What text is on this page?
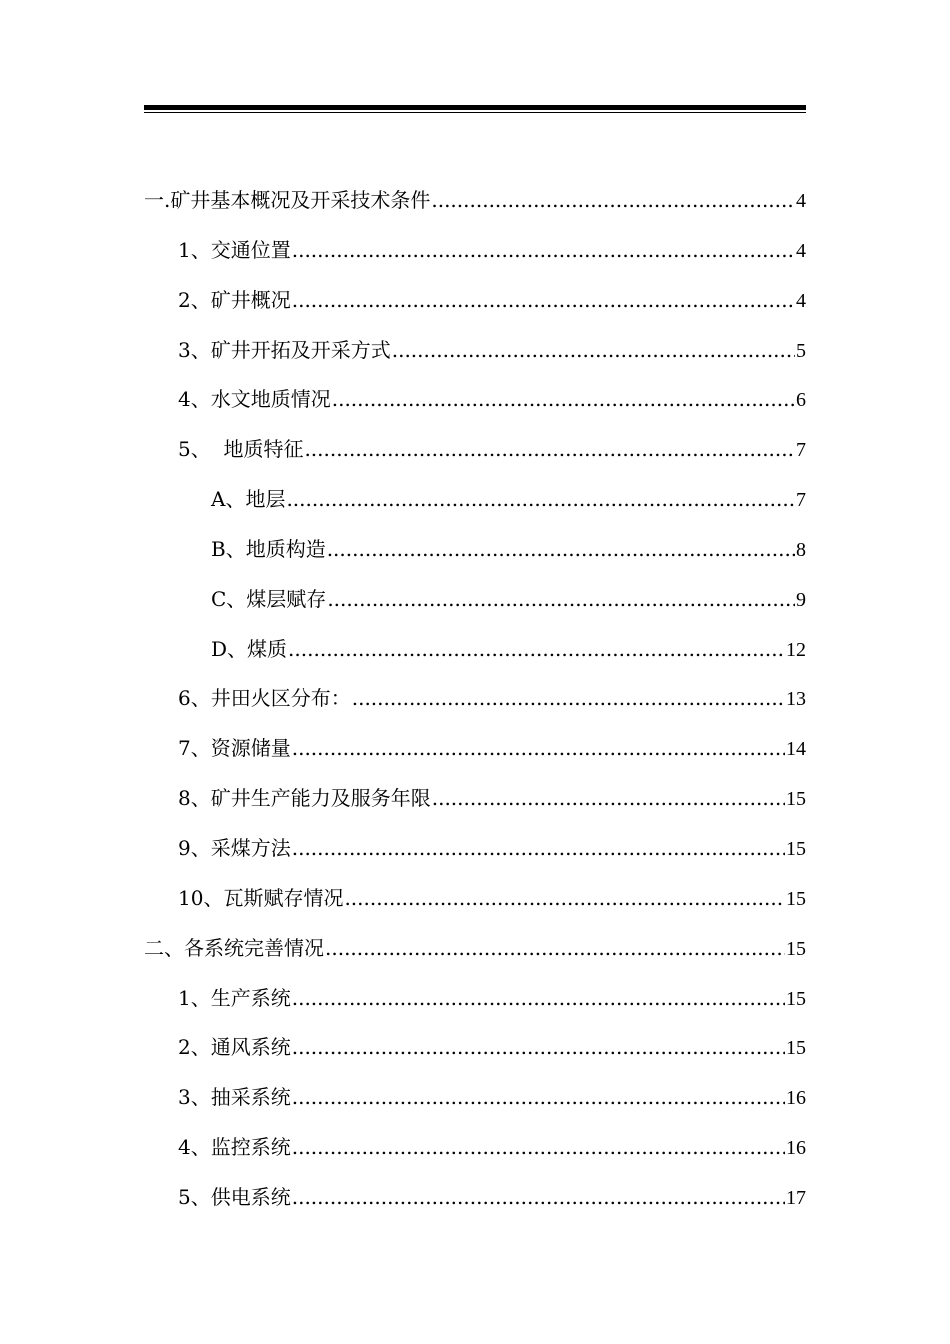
一.矿井基本概况及开采技术条件 .....	4
1、交通位置 .....	4
2、矿井概况 .....	4
3、矿井开拓及开采方式 .....	5
4、水文地质情况 .....	6
5、  地质特征 .....	7
A、地层 .....	7
B、地质构造 .....	8
C、煤层赋存 .....	9
D、煤质 .....	12
6、井田火区分布： .....	13
7、资源储量 .....	14
8、矿井生产能力及服务年限 .....	15
9、采煤方法 .....	15
10、瓦斯赋存情况 .....	15
二、各系统完善情况 .....	15
1、生产系统 .....	15
2、通风系统 .....	15
3、抽采系统 .....	16
4、监控系统 .....	16
5、供电系统 .....	17
